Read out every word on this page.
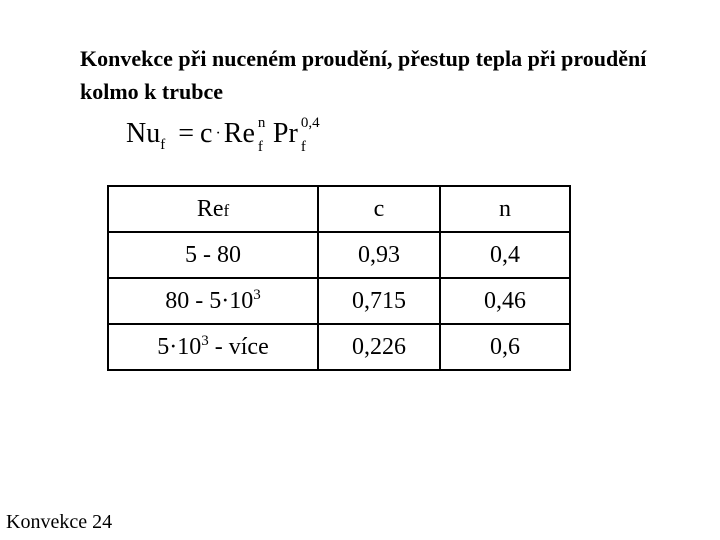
Konvekce při nuceném proudění, přestup tepla při proudění kolmo k trubce
$Nu_f = c \cdot Re$ n
f Pr 0,4
f
Ref	c	n
5 - 80	0,93	0,4
$80 - 5\cdot 10^3$	0,715	0,46
$5\cdot 10^3$ - více	0,226	0,6
Konvekce 24
